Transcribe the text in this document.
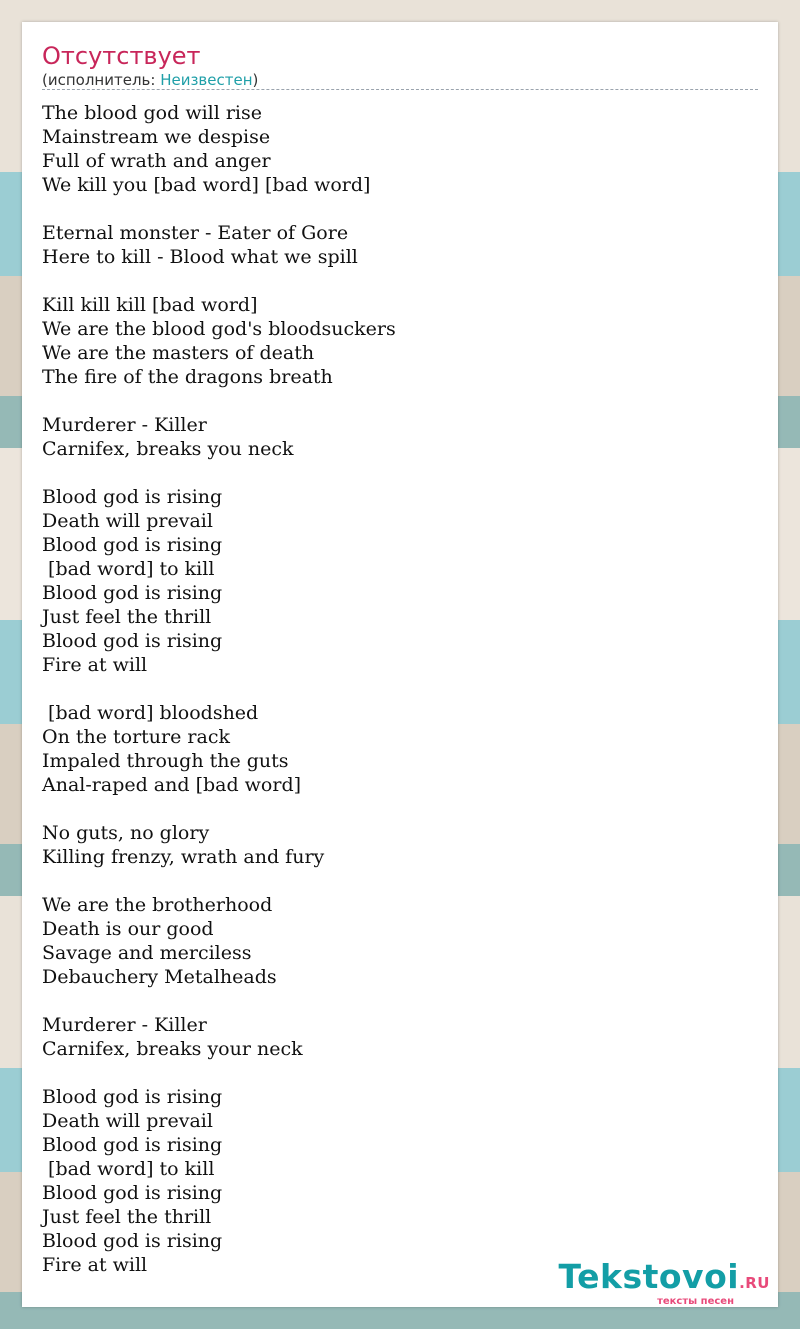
Отсутствует
(исполнитель: Неизвестен)
The blood god will rise
Mainstream we despise
Full of wrath and anger
We kill you [bad word] [bad word]
Eternal monster - Eater of Gore
Here to kill - Blood what we spill
Kill kill kill [bad word]
We are the blood god's bloodsuckers
We are the masters of death
The fire of the dragons breath
Murderer - Killer
Carnifex, breaks you neck
Blood god is rising
Death will prevail
Blood god is rising
[bad word] to kill
Blood god is rising
Just feel the thrill
Blood god is rising
Fire at will
[bad word] bloodshed
On the torture rack
Impaled through the guts
Anal-raped and [bad word]
No guts, no glory
Killing frenzy, wrath and fury
We are the brotherhood
Death is our good
Savage and merciless
Debauchery Metalheads
Murderer - Killer
Carnifex, breaks your neck
Blood god is rising
Death will prevail
Blood god is rising
[bad word] to kill
Blood god is rising
Just feel the thrill
Blood god is rising
Fire at will	Tekstovoi.RU
тексты песен
